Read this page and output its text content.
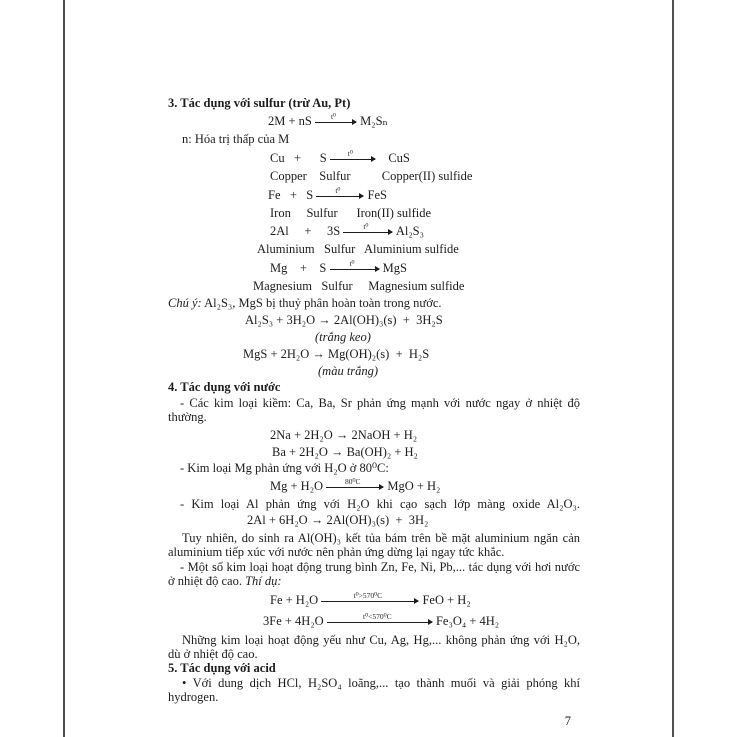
3. Tác dụng với sulfur (trừ Au, Pt)
2M + nS	t⁰	M₂Sₙ
n: Hóa trị thấp của M
Cu   +      S	t⁰	CuS
Copper    Sulfur          Copper(II) sulfide
Fe   +   S	t⁰	FeS
Iron     Sulfur      Iron(II) sulfide
2Al     +     3S	t⁰	Al₂S₃
Aluminium   Sulfur   Aluminium sulfide
Mg    +    S	t⁰	MgS
Magnesium   Sulfur     Magnesium sulfide
Chú ý: Al₂S₃, MgS bị thuỷ phân hoàn toàn trong nước.
Al₂S₃ + 3H₂O → 2Al(OH)₃(s)  +  3H₂S
(trắng keo)
MgS + 2H₂O → Mg(OH)₂(s)  +  H₂S
(màu trắng)
4. Tác dụng với nước
- Các kim loại kiềm: Ca, Ba, Sr phản ứng mạnh với nước ngay ở nhiệt độ thường.
2Na + 2H₂O → 2NaOH + H₂
Ba + 2H₂O → Ba(OH)₂ + H₂
- Kim loại Mg phản ứng với H₂O ở 80⁰C:
Mg + H₂O	80⁰C	MgO + H₂
- Kim loại Al phản ứng với H₂O khi cạo sạch lớp màng oxide Al₂O₃.
2Al + 6H₂O → 2Al(OH)₃(s)  +  3H₂
Tuy nhiên, do sinh ra Al(OH)₃ kết tủa bám trên bề mặt aluminium ngăn cản
aluminium tiếp xúc với nước nên phản ứng dừng lại ngay tức khắc.
- Một số kim loại hoạt động trung bình Zn, Fe, Ni, Pb,... tác dụng với hơi nước
ở nhiệt độ cao. Thí dụ:
Fe + H₂O	t⁰>570⁰C	FeO + H₂
3Fe + 4H₂O	t⁰<570⁰C	Fe₃O₄ + 4H₂
Những kim loại hoạt động yếu như Cu, Ag, Hg,... không phản ứng với H₂O,
dù ở nhiệt độ cao.
5. Tác dụng với acid
• Với dung dịch HCl, H₂SO₄ loãng,... tạo thành muối và giải phóng khí
hydrogen.
7
